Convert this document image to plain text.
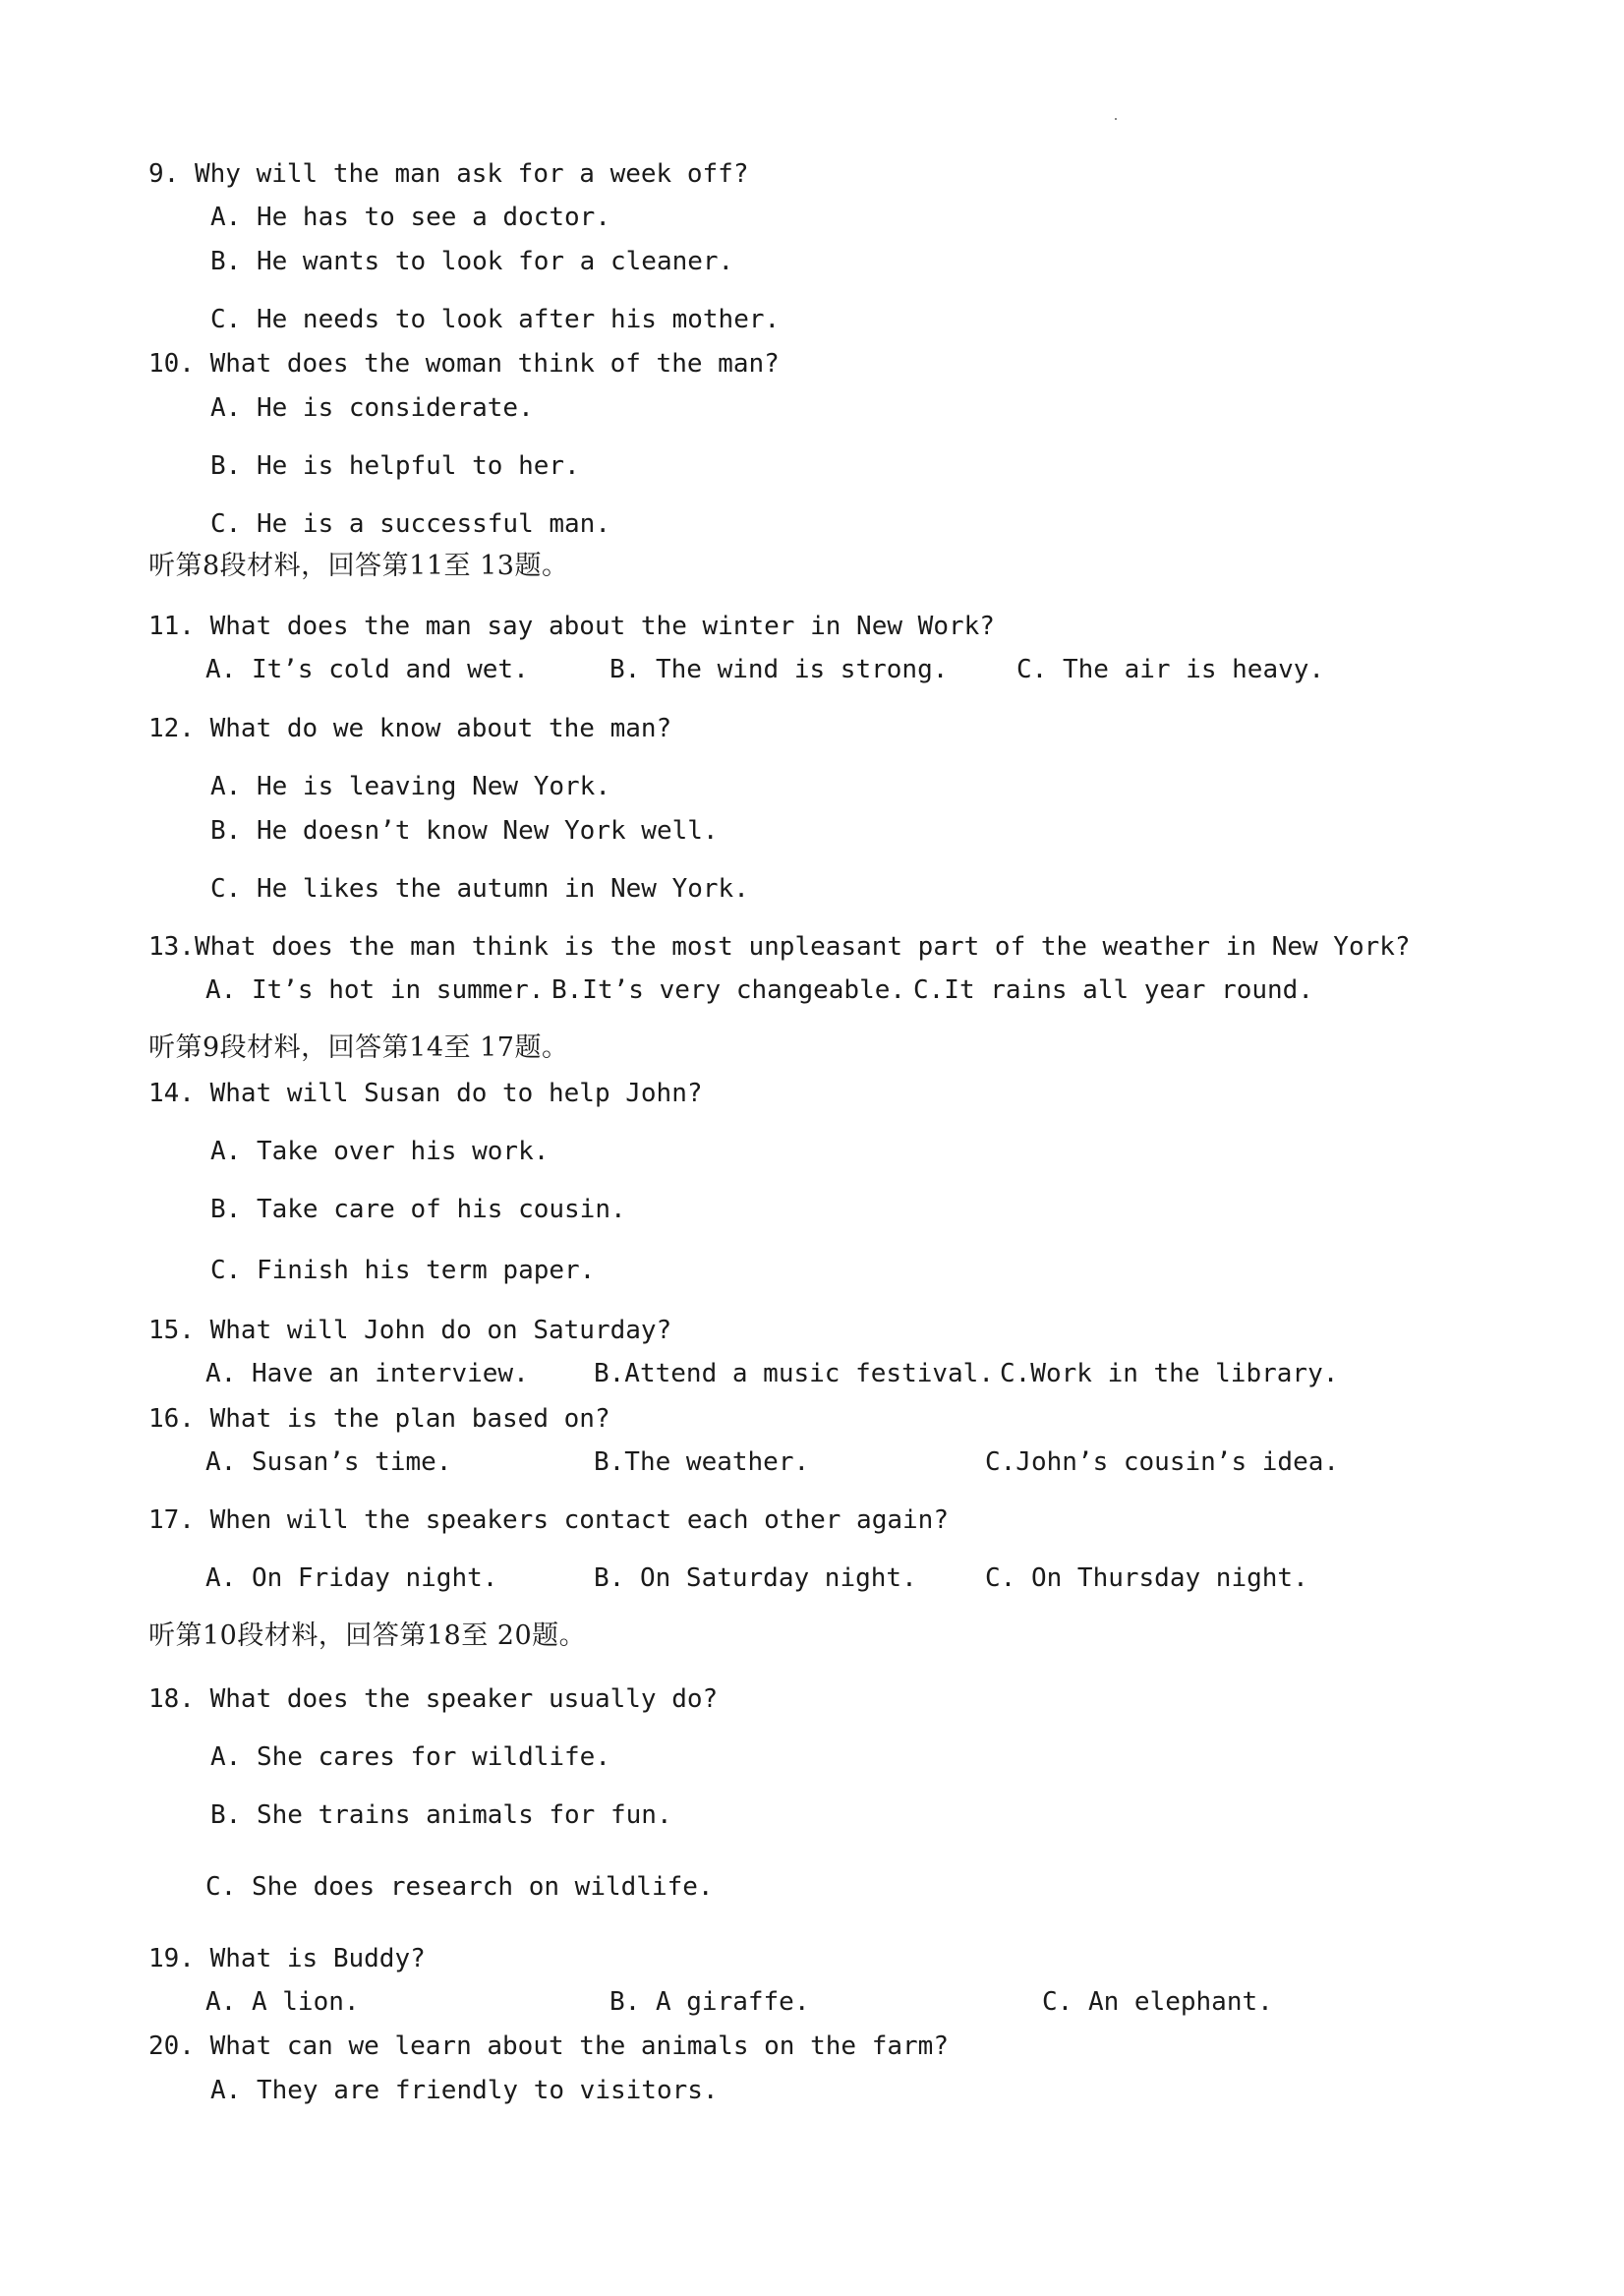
9. Why will the man ask for a week off?
A. He has to see a doctor.
B. He wants to look for a cleaner.
C. He needs to look after his mother.
10. What does the woman think of the man?
A. He is considerate.
B. He is helpful to her.
C. He is a successful man.
听第8段材料，回答第11至 13题。
11. What does the man say about the winter in New Work?
A. It’s cold and wet.	B. The wind is strong.	C. The air is heavy.
12. What do we know about the man?
A. He is leaving New York.
B. He doesn’t know New York well.
C. He likes the autumn in New York.
13.What does the man think is the most unpleasant part of the weather in New York?
A. It’s hot in summer. B.It’s very changeable. C.It rains all year round.
听第9段材料，回答第14至 17题。
14. What will Susan do to help John?
A. Take over his work.
B. Take care of his cousin.
C. Finish his term paper.
15. What will John do on Saturday?
A. Have an interview.	B.Attend a music festival. C.Work in the library.
16. What is the plan based on?
A. Susan’s time.	B.The weather.	C.John’s cousin’s idea.
17. When will the speakers contact each other again?
A. On Friday night.	B. On Saturday night.	C. On Thursday night.
听第10段材料，回答第18至 20题。
18. What does the speaker usually do?
A. She cares for wildlife.
B. She trains animals for fun.
C. She does research on wildlife.
19. What is Buddy?
A. A lion.	B. A giraffe.	C. An elephant.
20. What can we learn about the animals on the farm?
A. They are friendly to visitors.
